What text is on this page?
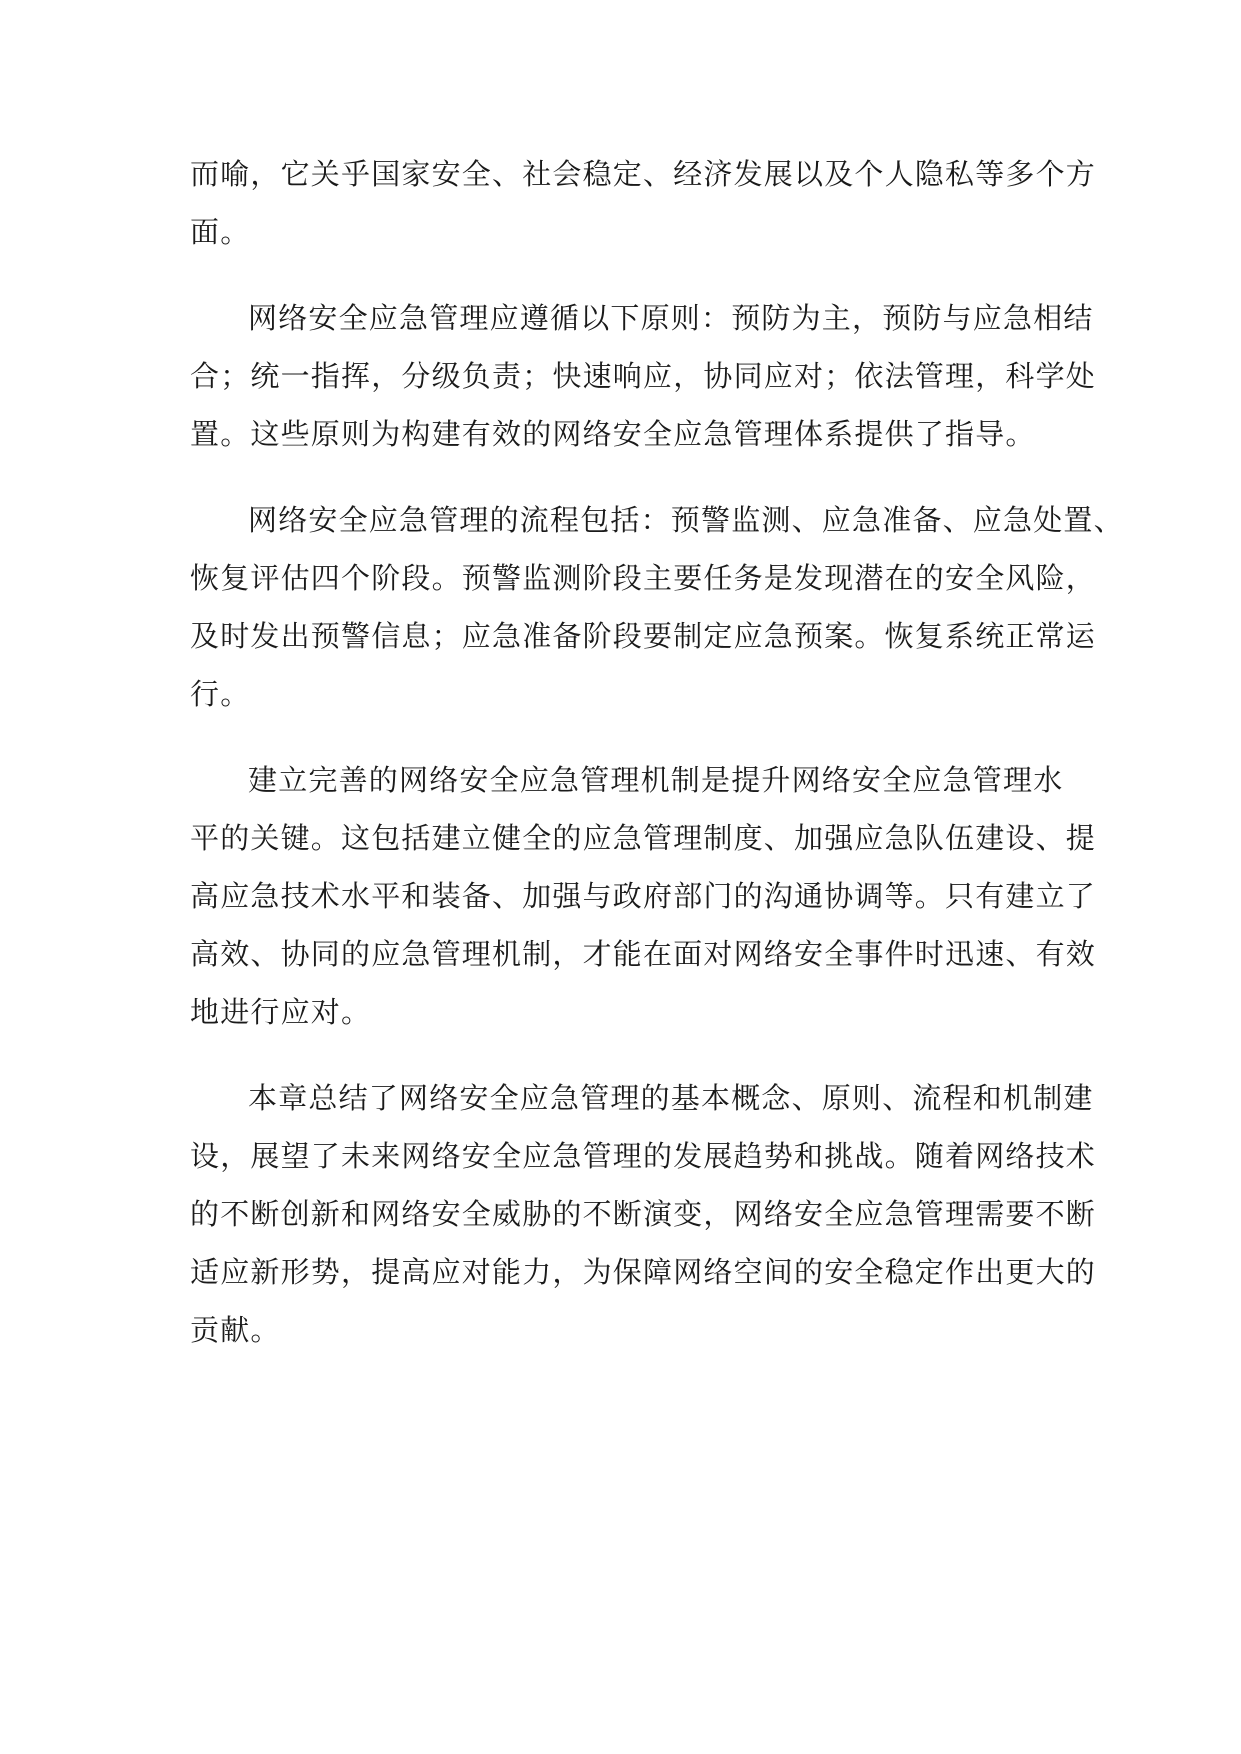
而喻，它关乎国家安全、社会稳定、经济发展以及个人隐私等多个方
面。
网络安全应急管理应遵循以下原则：预防为主，预防与应急相结
合；统一指挥，分级负责；快速响应，协同应对；依法管理，科学处
置。这些原则为构建有效的网络安全应急管理体系提供了指导。
网络安全应急管理的流程包括：预警监测、应急准备、应急处置、
恢复评估四个阶段。预警监测阶段主要任务是发现潜在的安全风险，
及时发出预警信息；应急准备阶段要制定应急预案。恢复系统正常运
行。
建立完善的网络安全应急管理机制是提升网络安全应急管理水
平的关键。这包括建立健全的应急管理制度、加强应急队伍建设、提
高应急技术水平和装备、加强与政府部门的沟通协调等。只有建立了
高效、协同的应急管理机制，才能在面对网络安全事件时迅速、有效
地进行应对。
本章总结了网络安全应急管理的基本概念、原则、流程和机制建
设，展望了未来网络安全应急管理的发展趋势和挑战。随着网络技术
的不断创新和网络安全威胁的不断演变，网络安全应急管理需要不断
适应新形势，提高应对能力，为保障网络空间的安全稳定作出更大的
贡献。
